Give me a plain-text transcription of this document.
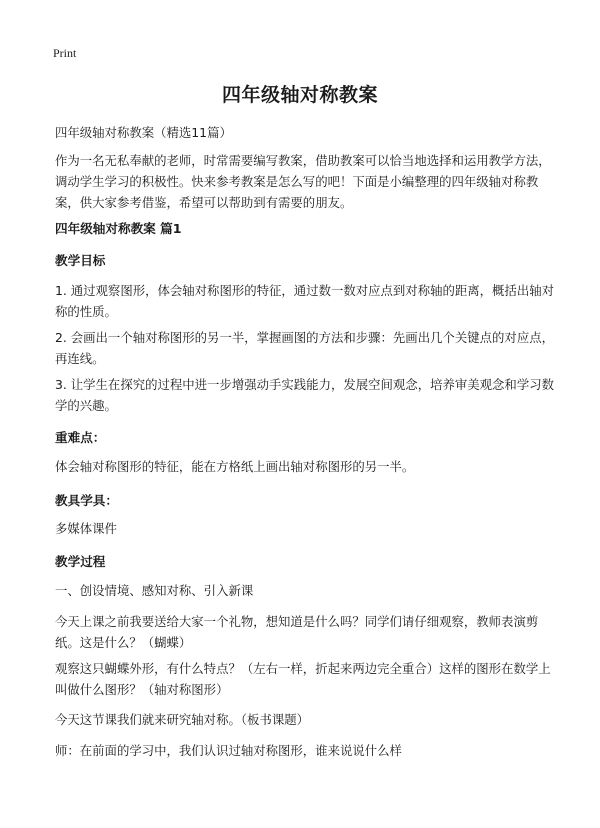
Print
四年级轴对称教案

四年级轴对称教案（精选11篇）

作为一名无私奉献的老师，时常需要编写教案，借助教案可以恰当地选择和运用教学方法，调动学生学习的积极性。快来参考教案是怎么写的吧！下面是小编整理的四年级轴对称教案，供大家参考借鉴，希望可以帮助到有需要的朋友。

四年级轴对称教案 篇1

教学目标

1. 通过观察图形，体会轴对称图形的特征，通过数一数对应点到对称轴的距离，概括出轴对称的性质。

2. 会画出一个轴对称图形的另一半，掌握画图的方法和步骤：先画出几个关键点的对应点，再连线。

3. 让学生在探究的过程中进一步增强动手实践能力，发展空间观念，培养审美观念和学习数学的兴趣。

重难点：

体会轴对称图形的特征，能在方格纸上画出轴对称图形的另一半。

教具学具：

多媒体课件

教学过程

一、创设情境、感知对称、引入新课

今天上课之前我要送给大家一个礼物，想知道是什么吗？同学们请仔细观察，教师表演剪纸。这是什么？（蝴蝶）

观察这只蝴蝶外形，有什么特点？（左右一样，折起来两边完全重合）这样的图形在数学上叫做什么图形？（轴对称图形）

今天这节课我们就来研究轴对称。（板书课题）

师：在前面的学习中，我们认识过轴对称图形，谁来说说什么样
